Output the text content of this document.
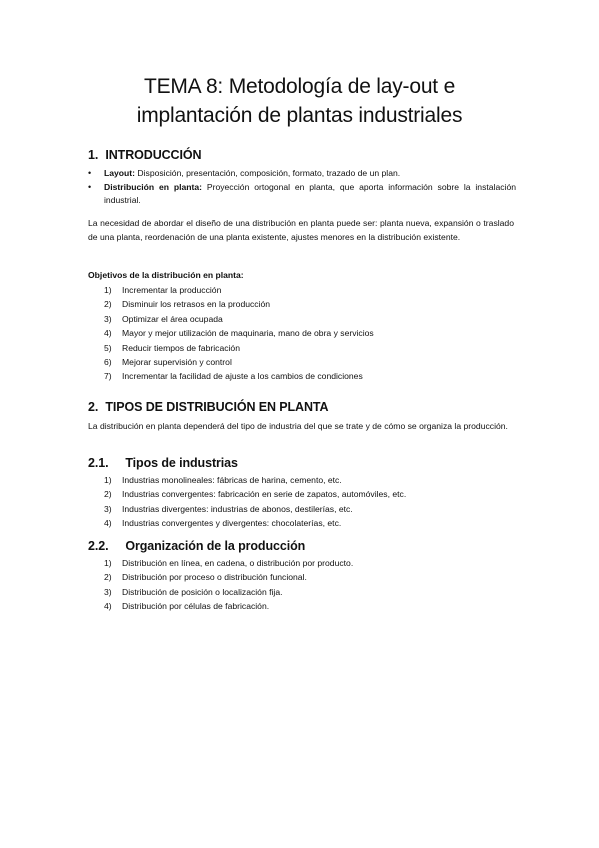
TEMA 8: Metodología de lay-out e
implantación de plantas industriales
1. INTRODUCCIÓN
• Layout: Disposición, presentación, composición, formato, trazado de un plan.
• Distribución en planta: Proyección ortogonal en planta, que aporta información sobre la instalación industrial.
La necesidad de abordar el diseño de una distribución en planta puede ser: planta nueva, expansión o traslado de una planta, reordenación de una planta existente, ajustes menores en la distribución existente.
Objetivos de la distribución en planta:
1) Incrementar la producción
2) Disminuir los retrasos en la producción
3) Optimizar el área ocupada
4) Mayor y mejor utilización de maquinaria, mano de obra y servicios
5) Reducir tiempos de fabricación
6) Mejorar supervisión y control
7) Incrementar la facilidad de ajuste a los cambios de condiciones
2. TIPOS DE DISTRIBUCIÓN EN PLANTA
La distribución en planta dependerá del tipo de industria del que se trate y de cómo se organiza la producción.
2.1. Tipos de industrias
1) Industrias monolineales: fábricas de harina, cemento, etc.
2) Industrias convergentes: fabricación en serie de zapatos, automóviles, etc.
3) Industrias divergentes: industrias de abonos, destilerías, etc.
4) Industrias convergentes y divergentes: chocolaterías, etc.
2.2. Organización de la producción
1) Distribución en línea, en cadena, o distribución por producto.
2) Distribución por proceso o distribución funcional.
3) Distribución de posición o localización fija.
4) Distribución por células de fabricación.
